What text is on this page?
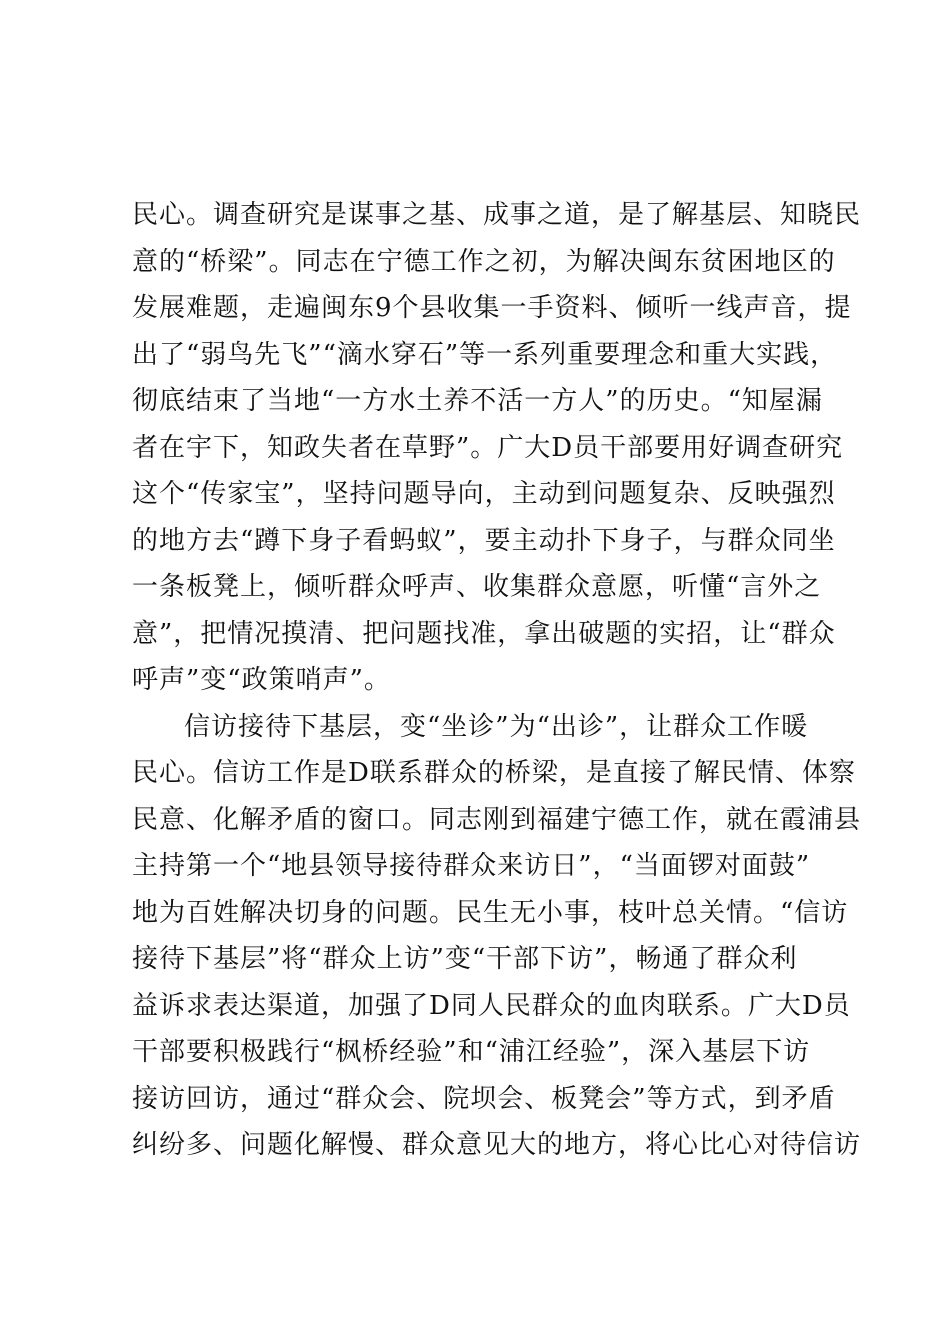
民心。调查研究是谋事之基、成事之道，是了解基层、知晓民
意的“桥梁”。同志在宁德工作之初，为解决闽东贫困地区的
发展难题，走遍闽东9个县收集一手资料、倾听一线声音，提
出了“弱鸟先飞”“滴水穿石”等一系列重要理念和重大实践，
彻底结束了当地“一方水土养不活一方人”的历史。“知屋漏
者在宇下，知政失者在草野”。广大D员干部要用好调查研究
这个“传家宝”，坚持问题导向，主动到问题复杂、反映强烈
的地方去“蹲下身子看蚂蚁”，要主动扑下身子，与群众同坐
一条板凳上，倾听群众呼声、收集群众意愿，听懂“言外之
意”，把情况摸清、把问题找准，拿出破题的实招，让“群众
呼声”变“政策哨声”。
信访接待下基层，变“坐诊”为“出诊”，让群众工作暖
民心。信访工作是D联系群众的桥梁，是直接了解民情、体察
民意、化解矛盾的窗口。同志刚到福建宁德工作，就在霞浦县
主持第一个“地县领导接待群众来访日”，“当面锣对面鼓”
地为百姓解决切身的问题。民生无小事，枝叶总关情。“信访
接待下基层”将“群众上访”变“干部下访”，畅通了群众利
益诉求表达渠道，加强了D同人民群众的血肉联系。广大D员
干部要积极践行“枫桥经验”和“浦江经验”，深入基层下访
接访回访，通过“群众会、院坝会、板凳会”等方式，到矛盾
纠纷多、问题化解慢、群众意见大的地方，将心比心对待信访
